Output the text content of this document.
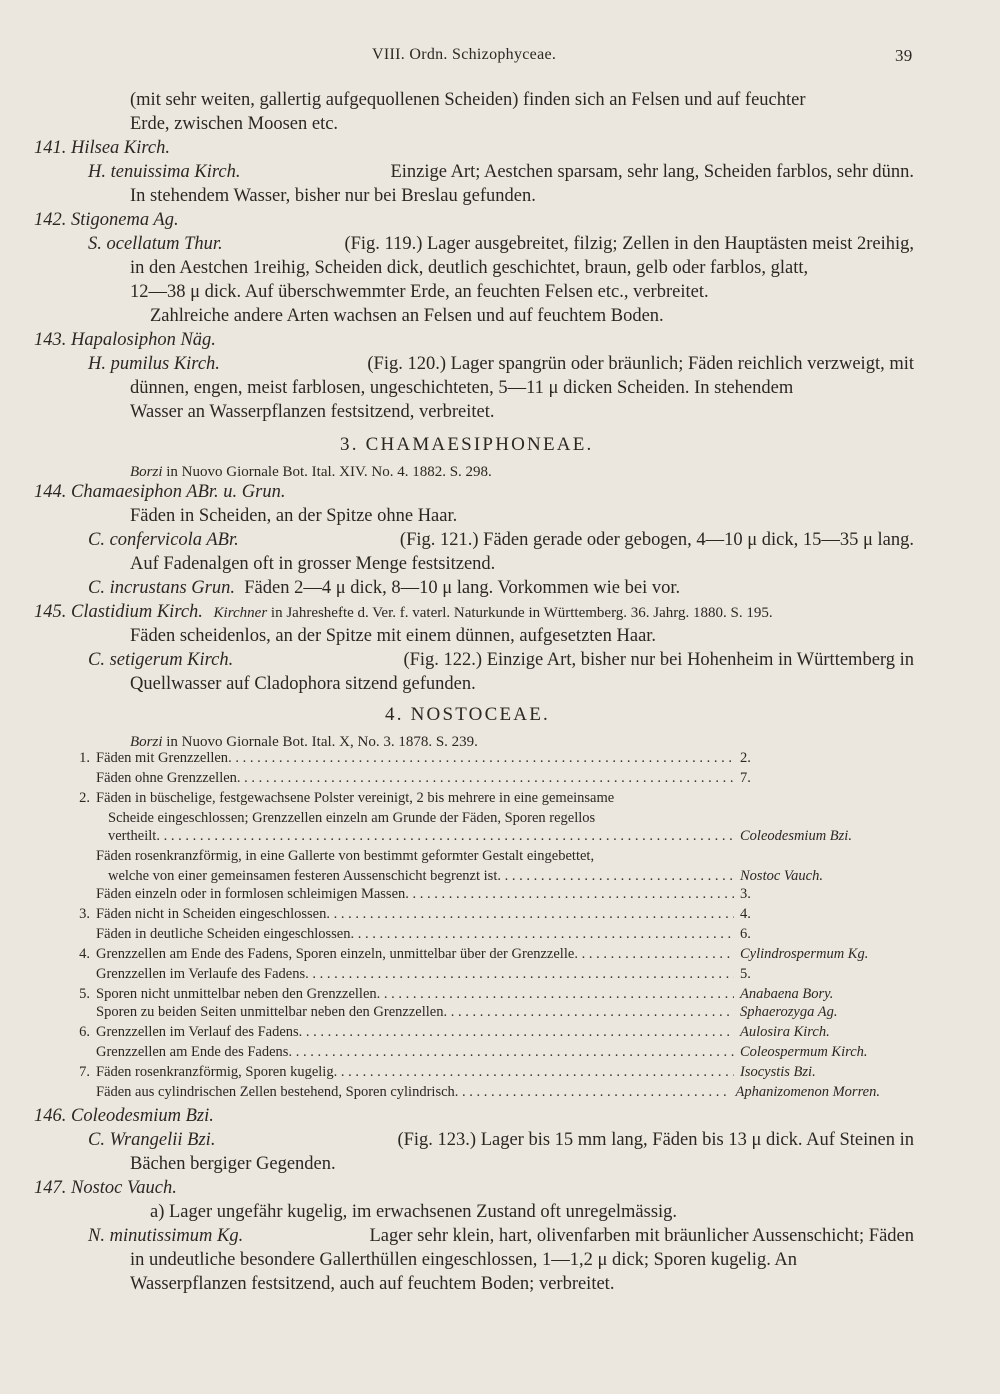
VIII. Ordn. Schizophyceae.	39
(mit sehr weiten, gallertig aufgequollenen Scheiden) finden sich an Felsen und auf feuchter
Erde, zwischen Moosen etc.
141. Hilsea Kirch.
H. tenuissima Kirch.	Einzige Art; Aestchen sparsam, sehr lang, Scheiden farblos, sehr dünn.
In stehendem Wasser, bisher nur bei Breslau gefunden.
142. Stigonema Ag.
S. ocellatum Thur.	(Fig. 119.) Lager ausgebreitet, filzig; Zellen in den Hauptästen meist 2reihig,
in den Aestchen 1reihig, Scheiden dick, deutlich geschichtet, braun, gelb oder farblos, glatt,
12—38 μ dick. Auf überschwemmter Erde, an feuchten Felsen etc., verbreitet.
Zahlreiche andere Arten wachsen an Felsen und auf feuchtem Boden.
143. Hapalosiphon Näg.
H. pumilus Kirch.	(Fig. 120.) Lager spangrün oder bräunlich; Fäden reichlich verzweigt, mit
dünnen, engen, meist farblosen, ungeschichteten, 5—11 μ dicken Scheiden. In stehendem
Wasser an Wasserpflanzen festsitzend, verbreitet.
3. CHAMAESIPHONEAE.
Borzi in Nuovo Giornale Bot. Ital. XIV. No. 4. 1882. S. 298.
144. Chamaesiphon ABr. u. Grun.
Fäden in Scheiden, an der Spitze ohne Haar.
C. confervicola ABr.	(Fig. 121.) Fäden gerade oder gebogen, 4—10 μ dick, 15—35 μ lang.
Auf Fadenalgen oft in grosser Menge festsitzend.
C. incrustans Grun. Fäden 2—4 μ dick, 8—10 μ lang. Vorkommen wie bei vor.
145. Clastidium Kirch. Kirchner in Jahreshefte d. Ver. f. vaterl. Naturkunde in Württemberg. 36. Jahrg. 1880. S. 195.
Fäden scheidenlos, an der Spitze mit einem dünnen, aufgesetzten Haar.
C. setigerum Kirch.	(Fig. 122.) Einzige Art, bisher nur bei Hohenheim in Württemberg in
Quellwasser auf Cladophora sitzend gefunden.
4. NOSTOCEAE.
Borzi in Nuovo Giornale Bot. Ital. X, No. 3. 1878. S. 239.
1. Fäden mit Grenzzellen . . .	2.
Fäden ohne Grenzzellen . . .	7.
2. Fäden in büschelige, festgewachsene Polster vereinigt, 2 bis mehrere in eine gemeinsame
Scheide eingeschlossen; Grenzzellen einzeln am Grunde der Fäden, Sporen regellos
vertheilt . . .	Coleodesmium Bzi.
Fäden rosenkranzförmig, in eine Gallerte von bestimmt geformter Gestalt eingebettet,
welche von einer gemeinsamen festeren Aussenschicht begrenzt ist . . .	Nostoc Vauch.
Fäden einzeln oder in formlosen schleimigen Massen . . .	3.
3. Fäden nicht in Scheiden eingeschlossen . . .	4.
Fäden in deutliche Scheiden eingeschlossen . . .	6.
4. Grenzzellen am Ende des Fadens, Sporen einzeln, unmittelbar über der Grenzzelle . . .	Cylindrospermum Kg.
Grenzzellen im Verlaufe des Fadens . . .	5.
5. Sporen nicht unmittelbar neben den Grenzzellen . . .	Anabaena Bory.
Sporen zu beiden Seiten unmittelbar neben den Grenzzellen . . .	Sphaerozyga Ag.
6. Grenzzellen im Verlauf des Fadens . . .	Aulosira Kirch.
Grenzzellen am Ende des Fadens . . .	Coleospermum Kirch.
7. Fäden rosenkranzförmig, Sporen kugelig . . .	Isocystis Bzi.
Fäden aus cylindrischen Zellen bestehend, Sporen cylindrisch . . .	Aphanizomenon Morren.
146. Coleodesmium Bzi.
C. Wrangelii Bzi.	(Fig. 123.) Lager bis 15 mm lang, Fäden bis 13 μ dick. Auf Steinen in
Bächen bergiger Gegenden.
147. Nostoc Vauch.
a) Lager ungefähr kugelig, im erwachsenen Zustand oft unregelmässig.
N. minutissimum Kg.	Lager sehr klein, hart, olivenfarben mit bräunlicher Aussenschicht; Fäden
in undeutliche besondere Gallerthüllen eingeschlossen, 1—1,2 μ dick; Sporen kugelig. An
Wasserpflanzen festsitzend, auch auf feuchtem Boden; verbreitet.
